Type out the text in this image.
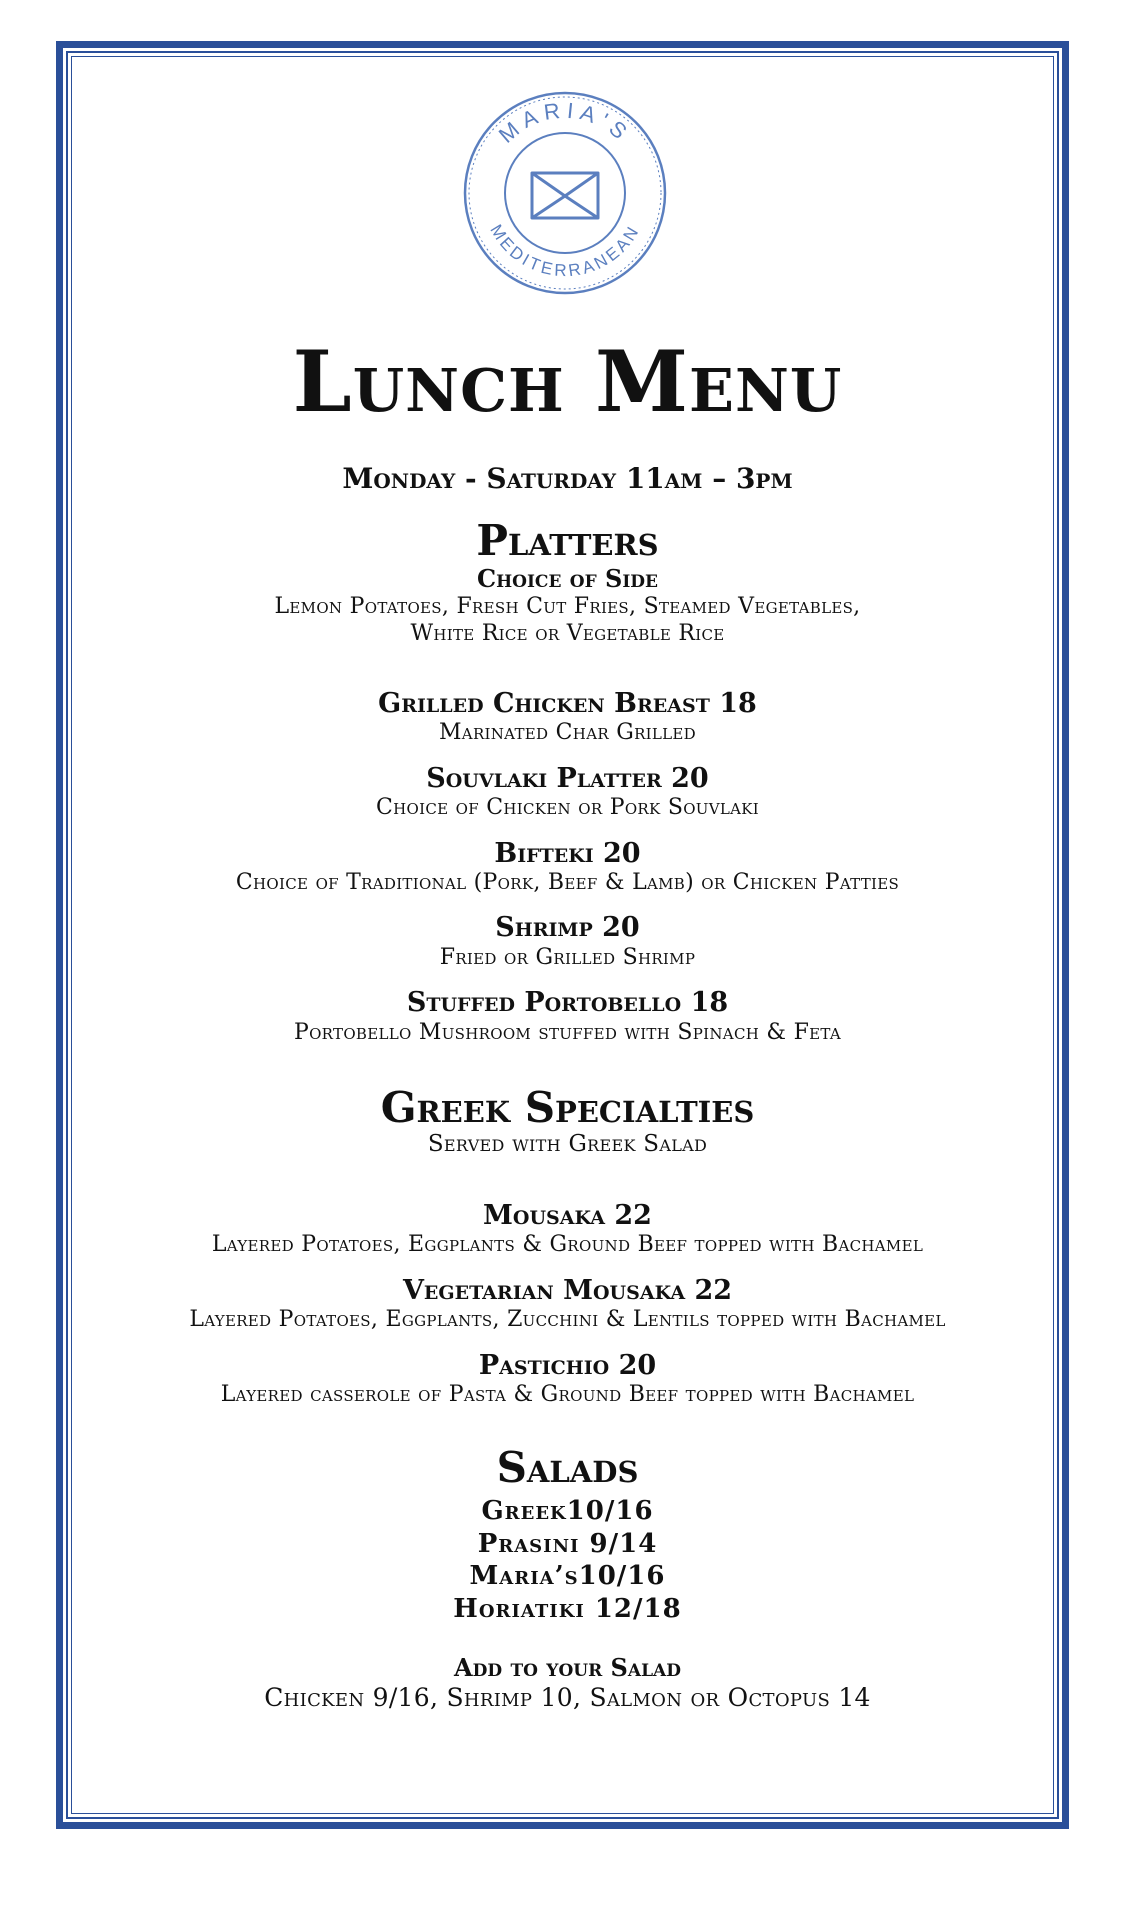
MARIA'S
MEDITERRANEAN
Lunch Menu
Monday - Saturday 11am – 3pm
Platters
Choice of Side
Lemon Potatoes, Fresh Cut Fries, Steamed Vegetables,
White Rice or Vegetable Rice
Grilled Chicken Breast 18
Marinated Char Grilled
Souvlaki Platter 20
Choice of Chicken or Pork Souvlaki
Bifteki 20
Choice of Traditional (Pork, Beef & Lamb) or Chicken Patties
Shrimp 20
Fried or Grilled Shrimp
Stuffed Portobello 18
Portobello Mushroom stuffed with Spinach & Feta
Greek Specialties
Served with Greek Salad
Mousaka 22
Layered Potatoes, Eggplants & Ground Beef topped with Bachamel
Vegetarian Mousaka 22
Layered Potatoes, Eggplants, Zucchini & Lentils topped with Bachamel
Pastichio 20
Layered casserole of Pasta & Ground Beef topped with Bachamel
Salads
Greek10/16
Prasini 9/14
Maria’s10/16
Horiatiki 12/18
Add to your Salad
Chicken 9/16, Shrimp 10, Salmon or Octopus 14
